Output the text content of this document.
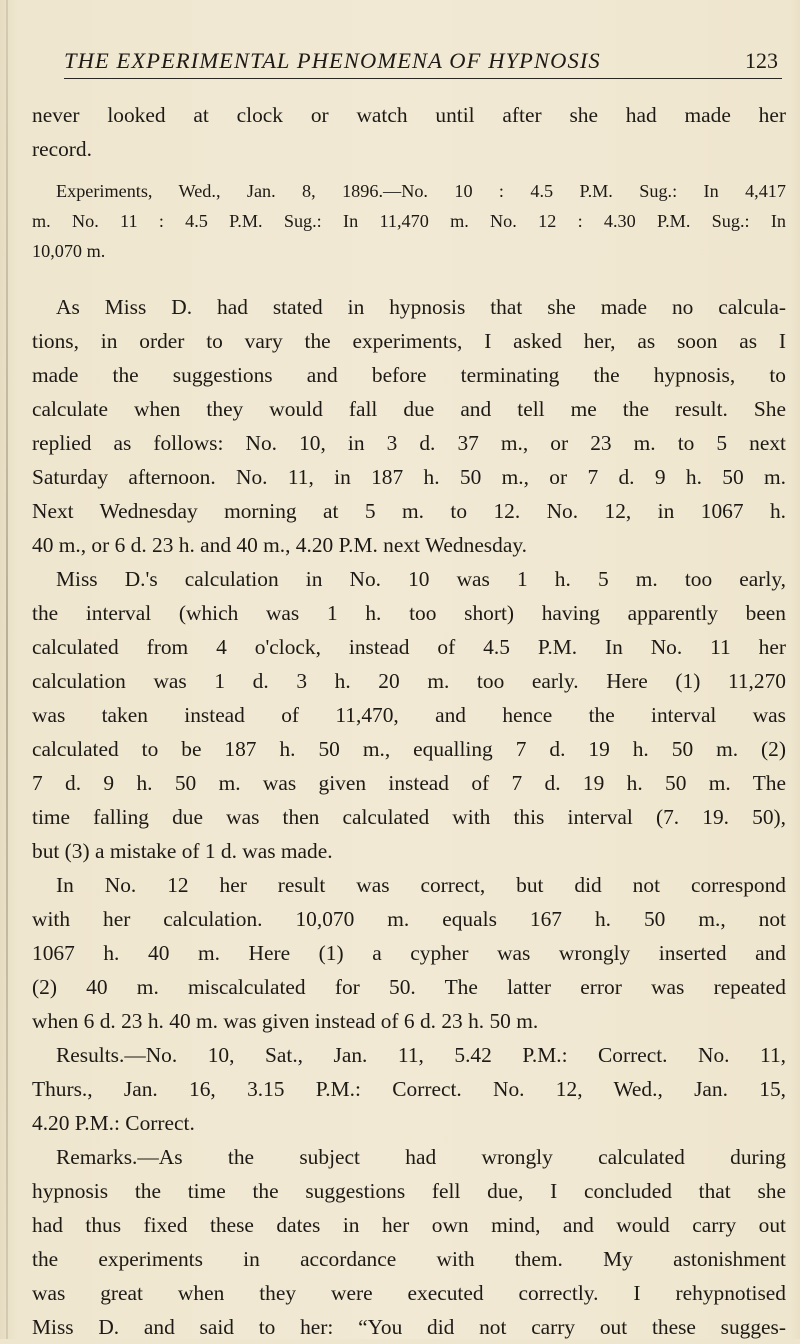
THE EXPERIMENTAL PHENOMENA OF HYPNOSIS	123
never looked at clock or watch until after she had made her
record.
Experiments, Wed., Jan. 8, 1896.—No. 10 : 4.5 P.M. Sug.: In 4,417
m. No. 11 : 4.5 P.M. Sug.: In 11,470 m. No. 12 : 4.30 P.M. Sug.: In
10,070 m.
As Miss D. had stated in hypnosis that she made no calcula-
tions, in order to vary the experiments, I asked her, as soon as I
made the suggestions and before terminating the hypnosis, to
calculate when they would fall due and tell me the result. She
replied as follows: No. 10, in 3 d. 37 m., or 23 m. to 5 next
Saturday afternoon. No. 11, in 187 h. 50 m., or 7 d. 9 h. 50 m.
Next Wednesday morning at 5 m. to 12. No. 12, in 1067 h.
40 m., or 6 d. 23 h. and 40 m., 4.20 P.M. next Wednesday.
Miss D.'s calculation in No. 10 was 1 h. 5 m. too early,
the interval (which was 1 h. too short) having apparently been
calculated from 4 o'clock, instead of 4.5 P.M. In No. 11 her
calculation was 1 d. 3 h. 20 m. too early. Here (1) 11,270
was taken instead of 11,470, and hence the interval was
calculated to be 187 h. 50 m., equalling 7 d. 19 h. 50 m. (2)
7 d. 9 h. 50 m. was given instead of 7 d. 19 h. 50 m. The
time falling due was then calculated with this interval (7. 19. 50),
but (3) a mistake of 1 d. was made.
In No. 12 her result was correct, but did not correspond
with her calculation. 10,070 m. equals 167 h. 50 m., not
1067 h. 40 m. Here (1) a cypher was wrongly inserted and
(2) 40 m. miscalculated for 50. The latter error was repeated
when 6 d. 23 h. 40 m. was given instead of 6 d. 23 h. 50 m.
Results.—No. 10, Sat., Jan. 11, 5.42 P.M.: Correct. No. 11,
Thurs., Jan. 16, 3.15 P.M.: Correct. No. 12, Wed., Jan. 15,
4.20 P.M.: Correct.
Remarks.—As the subject had wrongly calculated during
hypnosis the time the suggestions fell due, I concluded that she
had thus fixed these dates in her own mind, and would carry out
the experiments in accordance with them. My astonishment
was great when they were executed correctly. I rehypnotised
Miss D. and said to her: “You did not carry out these sugges-
